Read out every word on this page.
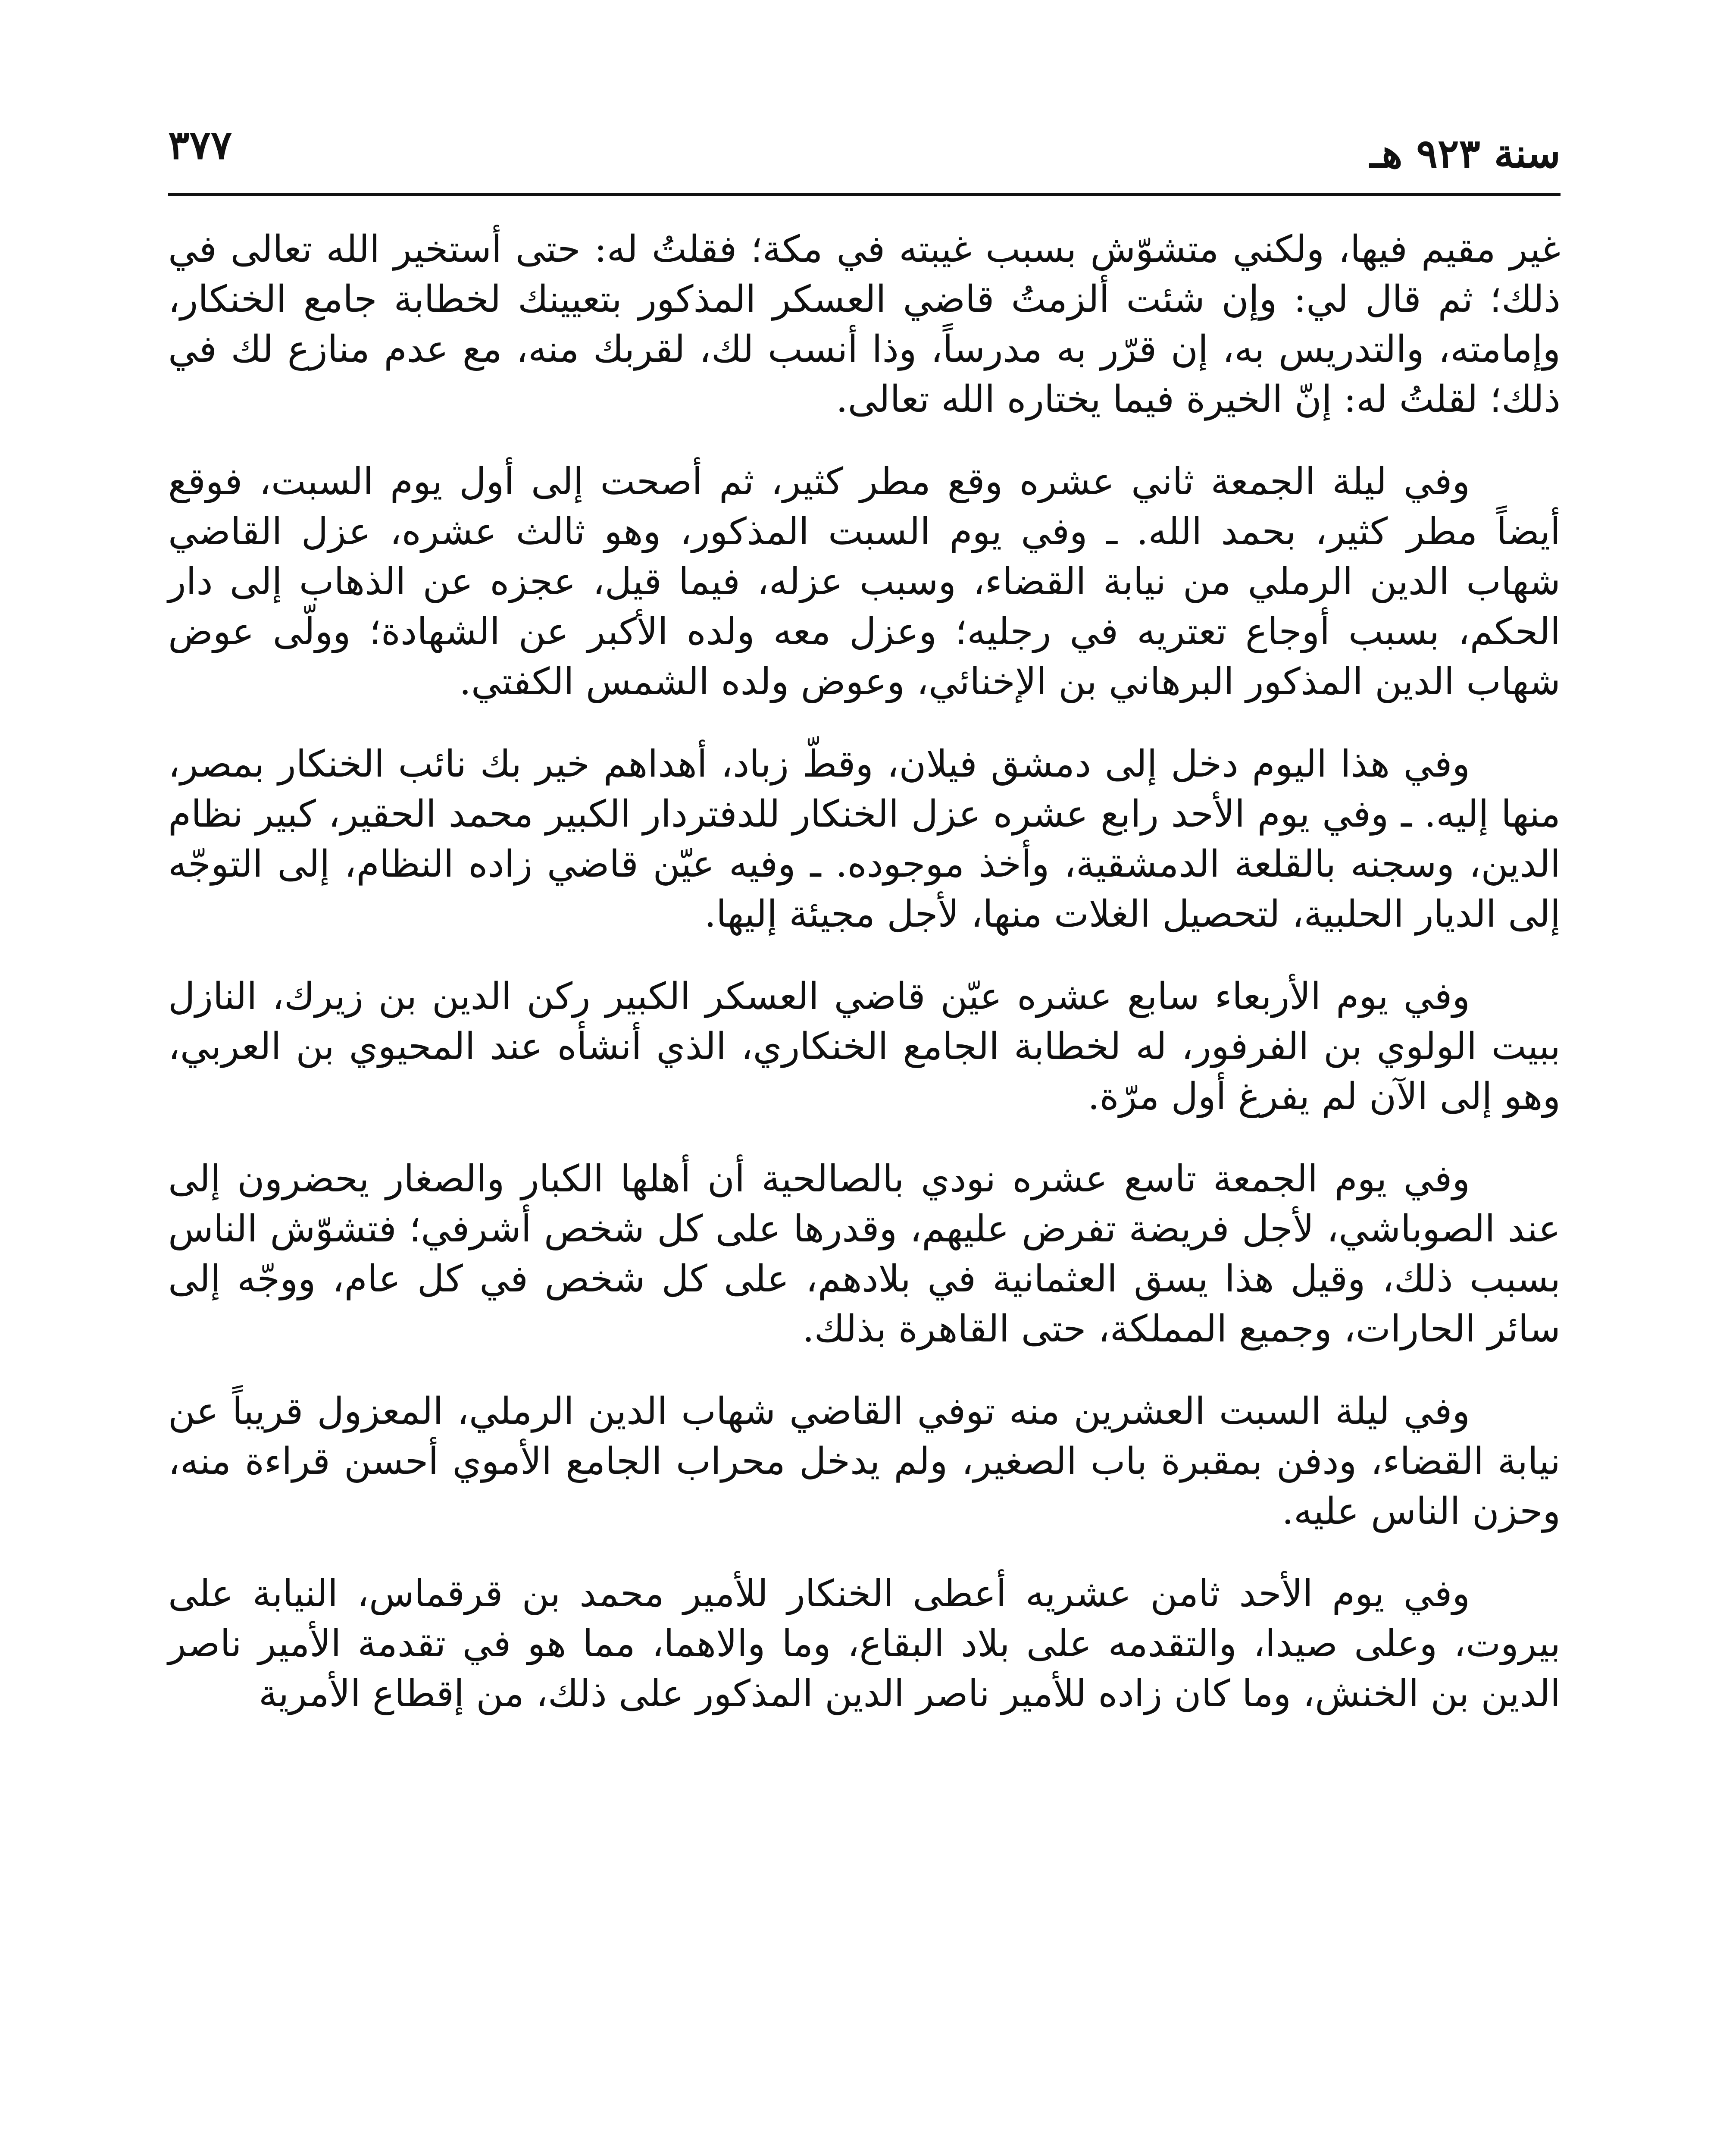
٣٧٧	سنة ٩٢٣ هـ

غير مقيم فيها، ولكني متشوّش بسبب غيبته في مكة؛ فقلتُ له: حتى أستخير الله تعالى في ذلك؛ ثم قال لي: وإن شئت ألزمتُ قاضي العسكر المذكور بتعيينك لخطابة جامع الخنكار، وإمامته، والتدريس به، إن قرّر به مدرساً، وذا أنسب لك، لقربك منه، مع عدم منازع لك في ذلك؛ لقلتُ له: إنّ الخيرة فيما يختاره الله تعالى.

وفي ليلة الجمعة ثاني عشره وقع مطر كثير، ثم أصحت إلى أول يوم السبت، فوقع أيضاً مطر كثير، بحمد الله. ـ وفي يوم السبت المذكور، وهو ثالث عشره، عزل القاضي شهاب الدين الرملي من نيابة القضاء، وسبب عزله، فيما قيل، عجزه عن الذهاب إلى دار الحكم، بسبب أوجاع تعتريه في رجليه؛ وعزل معه ولده الأكبر عن الشهادة؛ وولّى عوض شهاب الدين المذكور البرهاني بن الإخنائي، وعوض ولده الشمس الكفتي.

وفي هذا اليوم دخل إلى دمشق فيلان، وقطّ زباد، أهداهم خير بك نائب الخنكار بمصر، منها إليه. ـ وفي يوم الأحد رابع عشره عزل الخنكار للدفتردار الكبير محمد الحقير، كبير نظام الدين، وسجنه بالقلعة الدمشقية، وأخذ موجوده. ـ وفيه عيّن قاضي زاده النظام، إلى التوجّه إلى الديار الحلبية، لتحصيل الغلات منها، لأجل مجيئة إليها.

وفي يوم الأربعاء سابع عشره عيّن قاضي العسكر الكبير ركن الدين بن زيرك، النازل ببيت الولوي بن الفرفور، له لخطابة الجامع الخنكاري، الذي أنشأه عند المحيوي بن العربي، وهو إلى الآن لم يفرغ أول مرّة.

وفي يوم الجمعة تاسع عشره نودي بالصالحية أن أهلها الكبار والصغار يحضرون إلى عند الصوباشي، لأجل فريضة تفرض عليهم، وقدرها على كل شخص أشرفي؛ فتشوّش الناس بسبب ذلك، وقيل هذا يسق العثمانية في بلادهم، على كل شخص في كل عام، ووجّه إلى سائر الحارات، وجميع المملكة، حتى القاهرة بذلك.

وفي ليلة السبت العشرين منه توفي القاضي شهاب الدين الرملي، المعزول قريباً عن نيابة القضاء، ودفن بمقبرة باب الصغير، ولم يدخل محراب الجامع الأموي أحسن قراءة منه، وحزن الناس عليه.

وفي يوم الأحد ثامن عشريه أعطى الخنكار للأمير محمد بن قرقماس، النيابة على بيروت، وعلى صيدا، والتقدمه على بلاد البقاع، وما والاهما، مما هو في تقدمة الأمير ناصر الدين بن الخنش، وما كان زاده للأمير ناصر الدين المذكور على ذلك، من إقطاع الأمرية
